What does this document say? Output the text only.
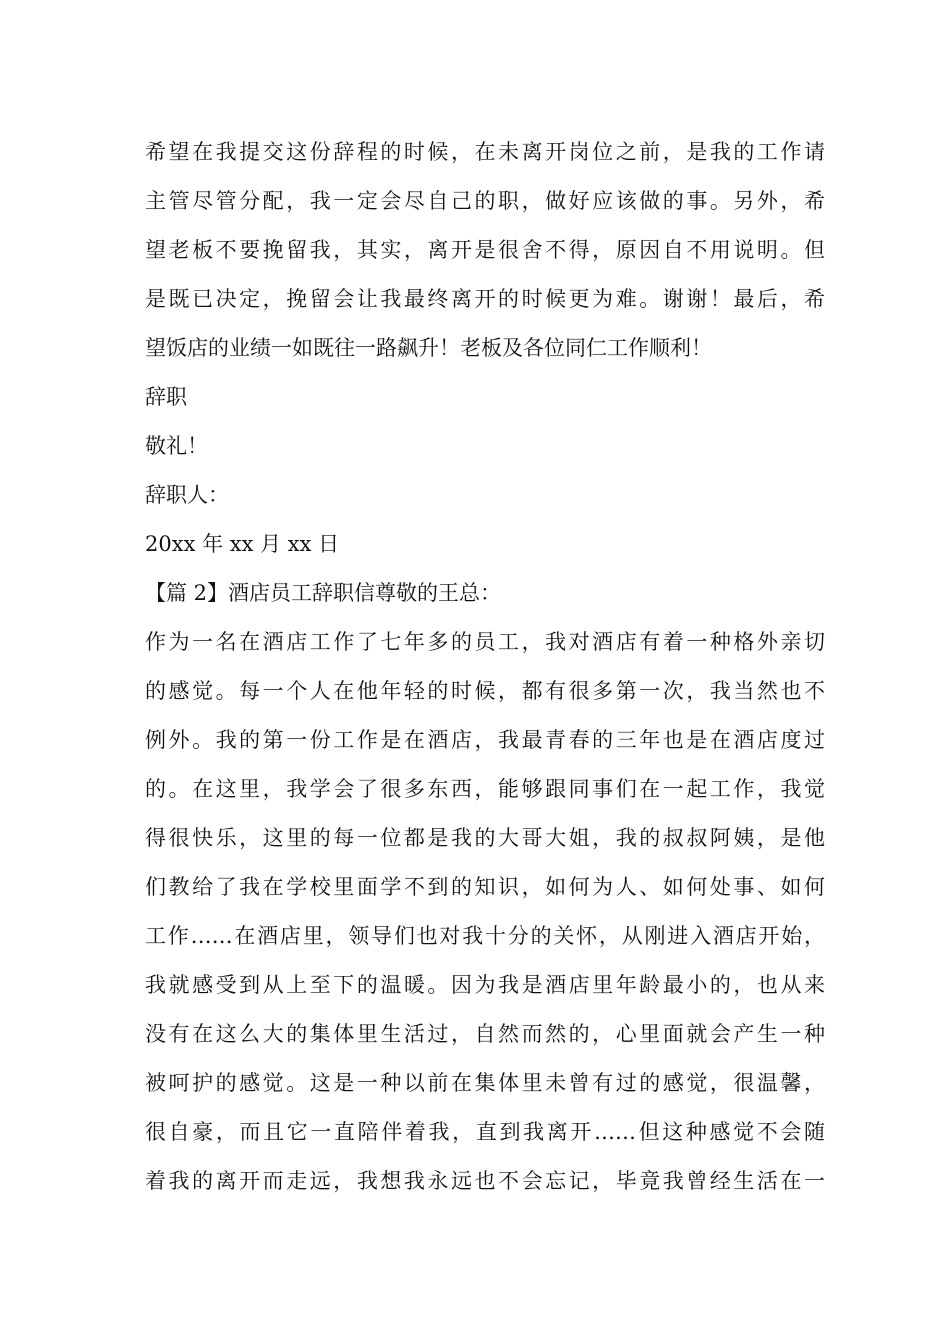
希望在我提交这份辞程的时候，在未离开岗位之前，是我的工作请
主管尽管分配，我一定会尽自己的职，做好应该做的事。另外，希
望老板不要挽留我，其实，离开是很舍不得，原因自不用说明。但
是既已决定，挽留会让我最终离开的时候更为难。谢谢！最后，希
望饭店的业绩一如既往一路飙升！老板及各位同仁工作顺利！
辞职
敬礼！
辞职人：
20xx 年 xx 月 xx 日
【篇 2】酒店员工辞职信尊敬的王总：
作为一名在酒店工作了七年多的员工，我对酒店有着一种格外亲切
的感觉。每一个人在他年轻的时候，都有很多第一次，我当然也不
例外。我的第一份工作是在酒店，我最青春的三年也是在酒店度过
的。在这里，我学会了很多东西，能够跟同事们在一起工作，我觉
得很快乐，这里的每一位都是我的大哥大姐，我的叔叔阿姨，是他
们教给了我在学校里面学不到的知识，如何为人、如何处事、如何
工作……在酒店里，领导们也对我十分的关怀，从刚进入酒店开始，
我就感受到从上至下的温暖。因为我是酒店里年龄最小的，也从来
没有在这么大的集体里生活过，自然而然的，心里面就会产生一种
被呵护的感觉。这是一种以前在集体里未曾有过的感觉，很温馨，
很自豪，而且它一直陪伴着我，直到我离开……但这种感觉不会随
着我的离开而走远，我想我永远也不会忘记，毕竟我曾经生活在一
